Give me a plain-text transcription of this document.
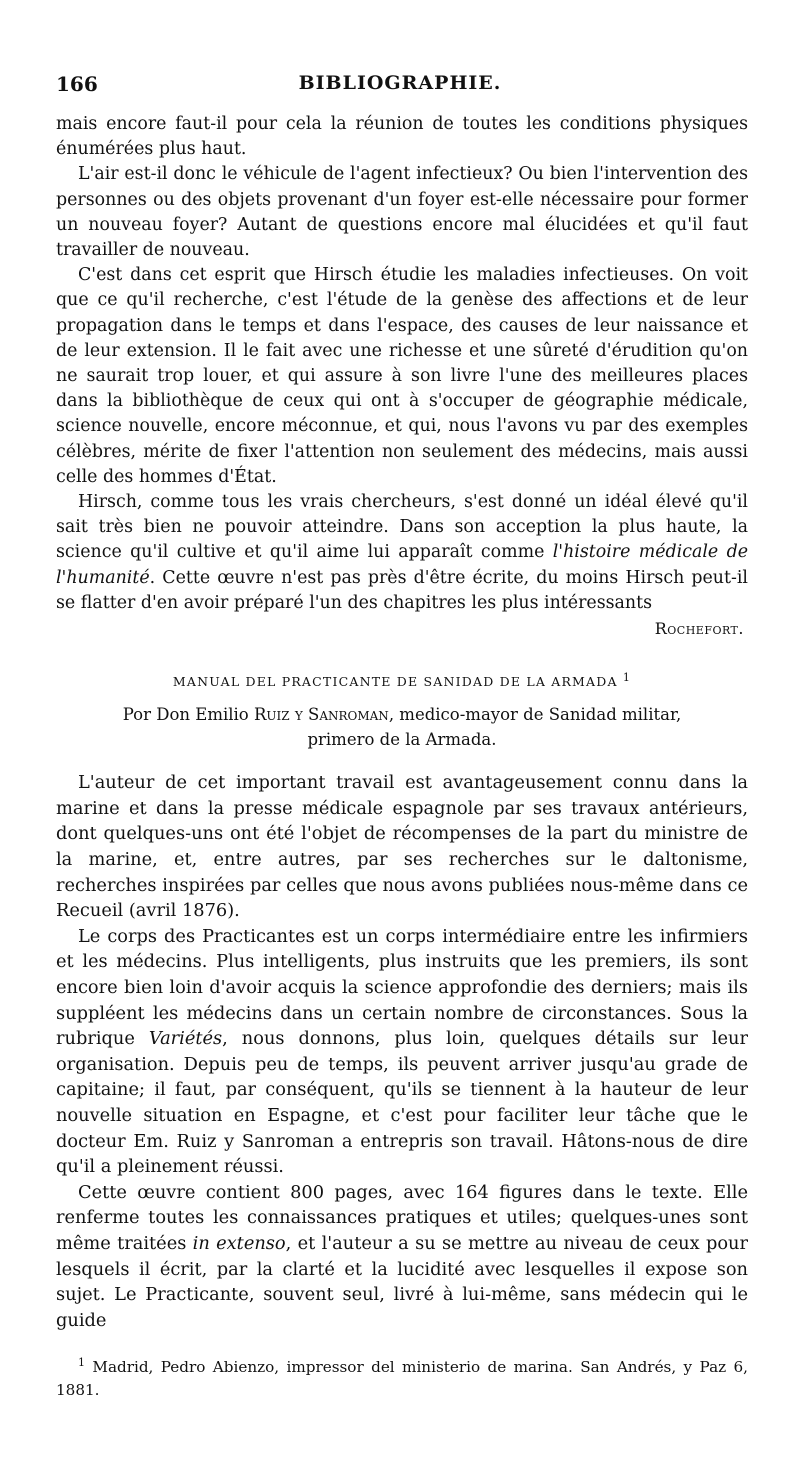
166	BIBLIOGRAPHIE.

mais encore faut-il pour cela la réunion de toutes les conditions physiques énumérées plus haut.

L'air est-il donc le véhicule de l'agent infectieux? Ou bien l'intervention des personnes ou des objets provenant d'un foyer est-elle nécessaire pour former un nouveau foyer? Autant de questions encore mal élucidées et qu'il faut travailler de nouveau.

C'est dans cet esprit que Hirsch étudie les maladies infectieuses. On voit que ce qu'il recherche, c'est l'étude de la genèse des affections et de leur propagation dans le temps et dans l'espace, des causes de leur naissance et de leur extension. Il le fait avec une richesse et une sûreté d'érudition qu'on ne saurait trop louer, et qui assure à son livre l'une des meilleures places dans la bibliothèque de ceux qui ont à s'occuper de géographie médicale, science nouvelle, encore méconnue, et qui, nous l'avons vu par des exemples célèbres, mérite de fixer l'attention non seulement des médecins, mais aussi celle des hommes d'État.

Hirsch, comme tous les vrais chercheurs, s'est donné un idéal élevé qu'il sait très bien ne pouvoir atteindre. Dans son acception la plus haute, la science qu'il cultive et qu'il aime lui apparaît comme l'histoire médicale de l'humanité. Cette œuvre n'est pas près d'être écrite, du moins Hirsch peut-il se flatter d'en avoir préparé l'un des chapitres les plus intéressants

Rochefort.

MANUAL DEL PRACTICANTE DE SANIDAD DE LA ARMADA $^1$
Por Don Emilio Ruiz y Sanroman, medico-mayor de Sanidad militar,
primero de la Armada.

L'auteur de cet important travail est avantageusement connu dans la marine et dans la presse médicale espagnole par ses travaux antérieurs, dont quelques-uns ont été l'objet de récompenses de la part du ministre de la marine, et, entre autres, par ses recherches sur le daltonisme, recherches inspirées par celles que nous avons publiées nous-même dans ce Recueil (avril 1876).

Le corps des Practicantes est un corps intermédiaire entre les infirmiers et les médecins. Plus intelligents, plus instruits que les premiers, ils sont encore bien loin d'avoir acquis la science approfondie des derniers; mais ils suppléent les médecins dans un certain nombre de circonstances. Sous la rubrique Variétés, nous donnons, plus loin, quelques détails sur leur organisation. Depuis peu de temps, ils peuvent arriver jusqu'au grade de capitaine; il faut, par conséquent, qu'ils se tiennent à la hauteur de leur nouvelle situation en Espagne, et c'est pour faciliter leur tâche que le docteur Em. Ruiz y Sanroman a entrepris son travail. Hâtons-nous de dire qu'il a pleinement réussi.

Cette œuvre contient 800 pages, avec 164 figures dans le texte. Elle renferme toutes les connaissances pratiques et utiles; quelques-unes sont même traitées in extenso, et l'auteur a su se mettre au niveau de ceux pour lesquels il écrit, par la clarté et la lucidité avec lesquelles il expose son sujet. Le Practicante, souvent seul, livré à lui-même, sans médecin qui le guide

$^1$ Madrid, Pedro Abienzo, impressor del ministerio de marina. San Andrés, y Paz 6, 1881.
